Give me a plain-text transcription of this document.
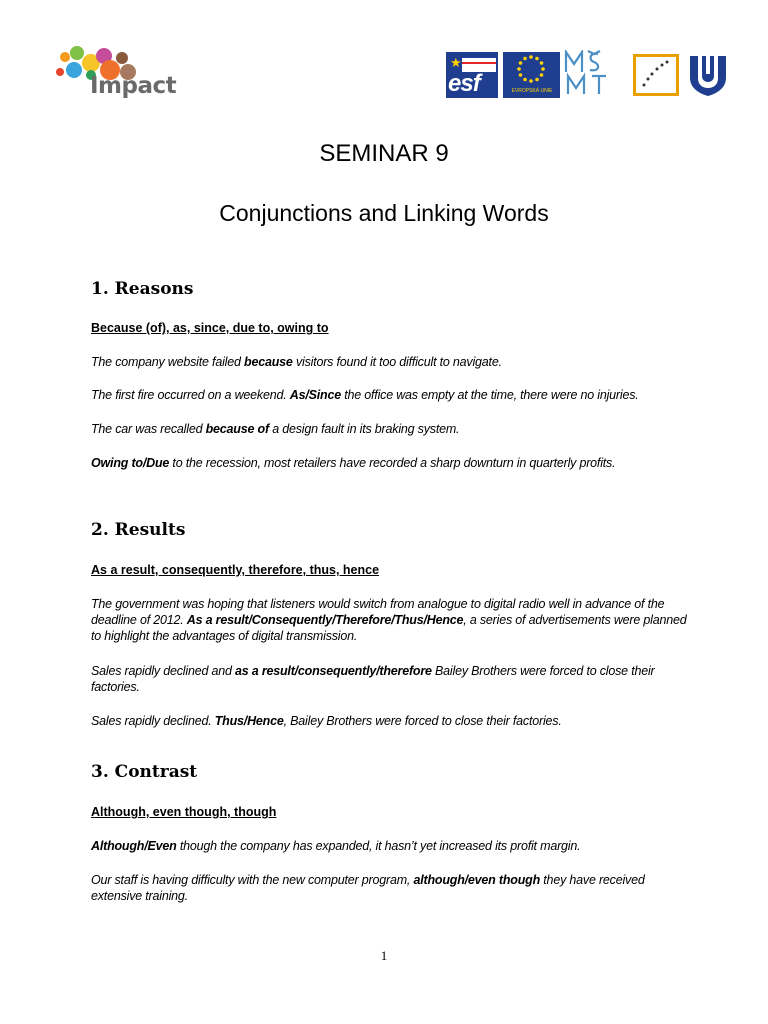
Impact
★
esf	EVROPSKÁ UNIE
SEMINAR 9
Conjunctions and Linking Words
1. Reasons
Because (of), as, since, due to, owing to
The company website failed because visitors found it too difficult to navigate.
The first fire occurred on a weekend. As/Since the office was empty at the time, there were no injuries.
The car was recalled because of a design fault in its braking system.
Owing to/Due to the recession, most retailers have recorded a sharp downturn in quarterly profits.
2. Results
As a result, consequently, therefore, thus, hence
The government was hoping that listeners would switch from analogue to digital radio well in advance of the deadline of 2012. As a result/Consequently/Therefore/Thus/Hence, a series of advertisements were planned to highlight the advantages of digital transmission.
Sales rapidly declined and as a result/consequently/therefore Bailey Brothers were forced to close their factories.
Sales rapidly declined. Thus/Hence, Bailey Brothers were forced to close their factories.
3. Contrast
Although, even though, though
Although/Even though the company has expanded, it hasn’t yet increased its profit margin.
Our staff is having difficulty with the new computer program, although/even though they have received extensive training.
1
